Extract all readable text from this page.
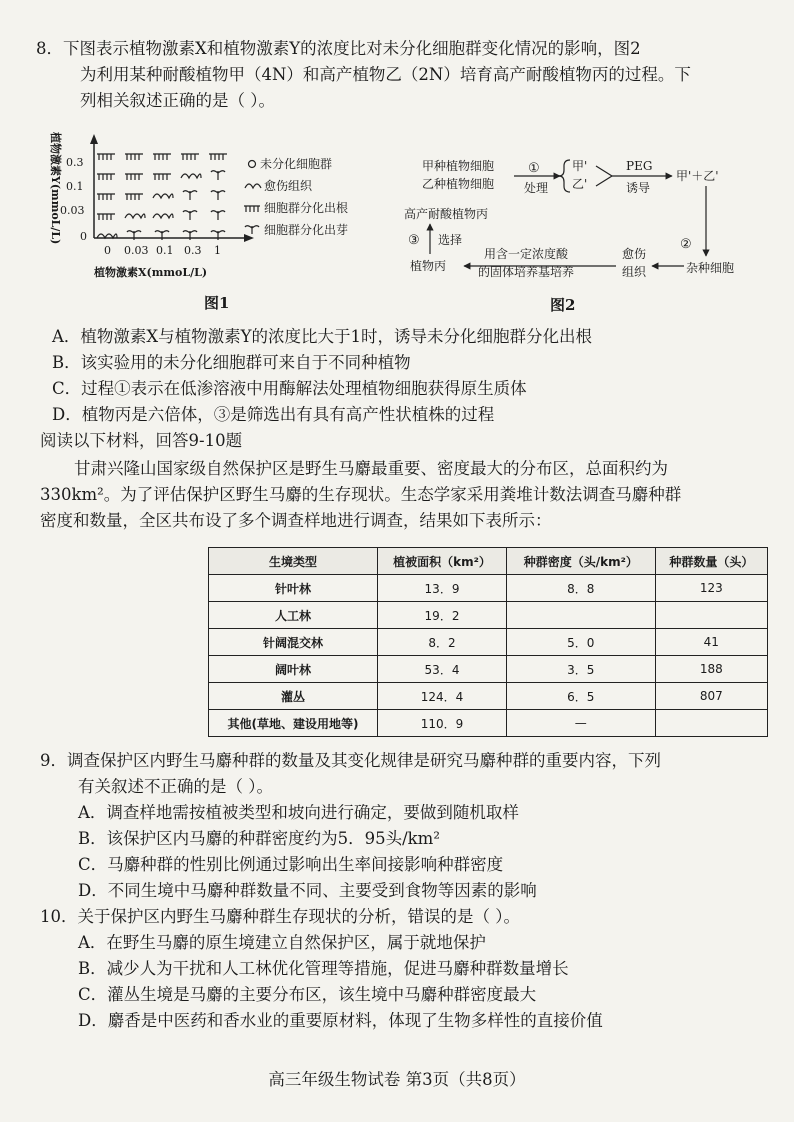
8．下图表示植物激素X和植物激素Y的浓度比对未分化细胞群变化情况的影响，图2
为利用某种耐酸植物甲（4N）和高产植物乙（2N）培育高产耐酸植物丙的过程。下
列相关叙述正确的是（ ）。
植物激素Y(mmoL/L) 0.3
0.1
0.03
0
0 0.03 0.1 0.3 1
植物激素X(mmoL/L)
未分化细胞群
愈伤组织
细胞群分化出根
细胞群分化出芽
图1
甲种植物细胞
乙种植物细胞
①
处理
甲'
乙'
PEG
诱导
甲'＋乙'
②
杂种细胞
愈伤
组织
用含一定浓度酸
的固体培养基培养
植物丙
③ 选择
高产耐酸植物丙
图2
A．植物激素X与植物激素Y的浓度比大于1时，诱导未分化细胞群分化出根
B．该实验用的未分化细胞群可来自于不同种植物
C．过程①表示在低渗溶液中用酶解法处理植物细胞获得原生质体
D．植物丙是六倍体，③是筛选出有具有高产性状植株的过程
阅读以下材料，回答9-10题
甘肃兴隆山国家级自然保护区是野生马麝最重要、密度最大的分布区，总面积约为
330km²。为了评估保护区野生马麝的生存现状。生态学家采用粪堆计数法调查马麝种群
密度和数量，全区共布设了多个调查样地进行调查，结果如下表所示：
生境类型	植被面积（km²）	种群密度（头/km²）	种群数量（头）
针叶林	13．9	8．8	123
人工林	19．2		
针阔混交林	8．2	5．0	41
阔叶林	53．4	3．5	188
灌丛	124．4	6．5	807
其他(草地、建设用地等)	110．9	—	
9．调查保护区内野生马麝种群的数量及其变化规律是研究马麝种群的重要内容，下列
有关叙述不正确的是（ ）。
A．调查样地需按植被类型和坡向进行确定，要做到随机取样
B．该保护区内马麝的种群密度约为5．95头/km²
C．马麝种群的性别比例通过影响出生率间接影响种群密度
D．不同生境中马麝种群数量不同、主要受到食物等因素的影响
10．关于保护区内野生马麝种群生存现状的分析，错误的是（ ）。
A．在野生马麝的原生境建立自然保护区，属于就地保护
B．减少人为干扰和人工林优化管理等措施，促进马麝种群数量增长
C．灌丛生境是马麝的主要分布区，该生境中马麝种群密度最大
D．麝香是中医药和香水业的重要原材料，体现了生物多样性的直接价值
高三年级生物试卷 第3页（共8页）
